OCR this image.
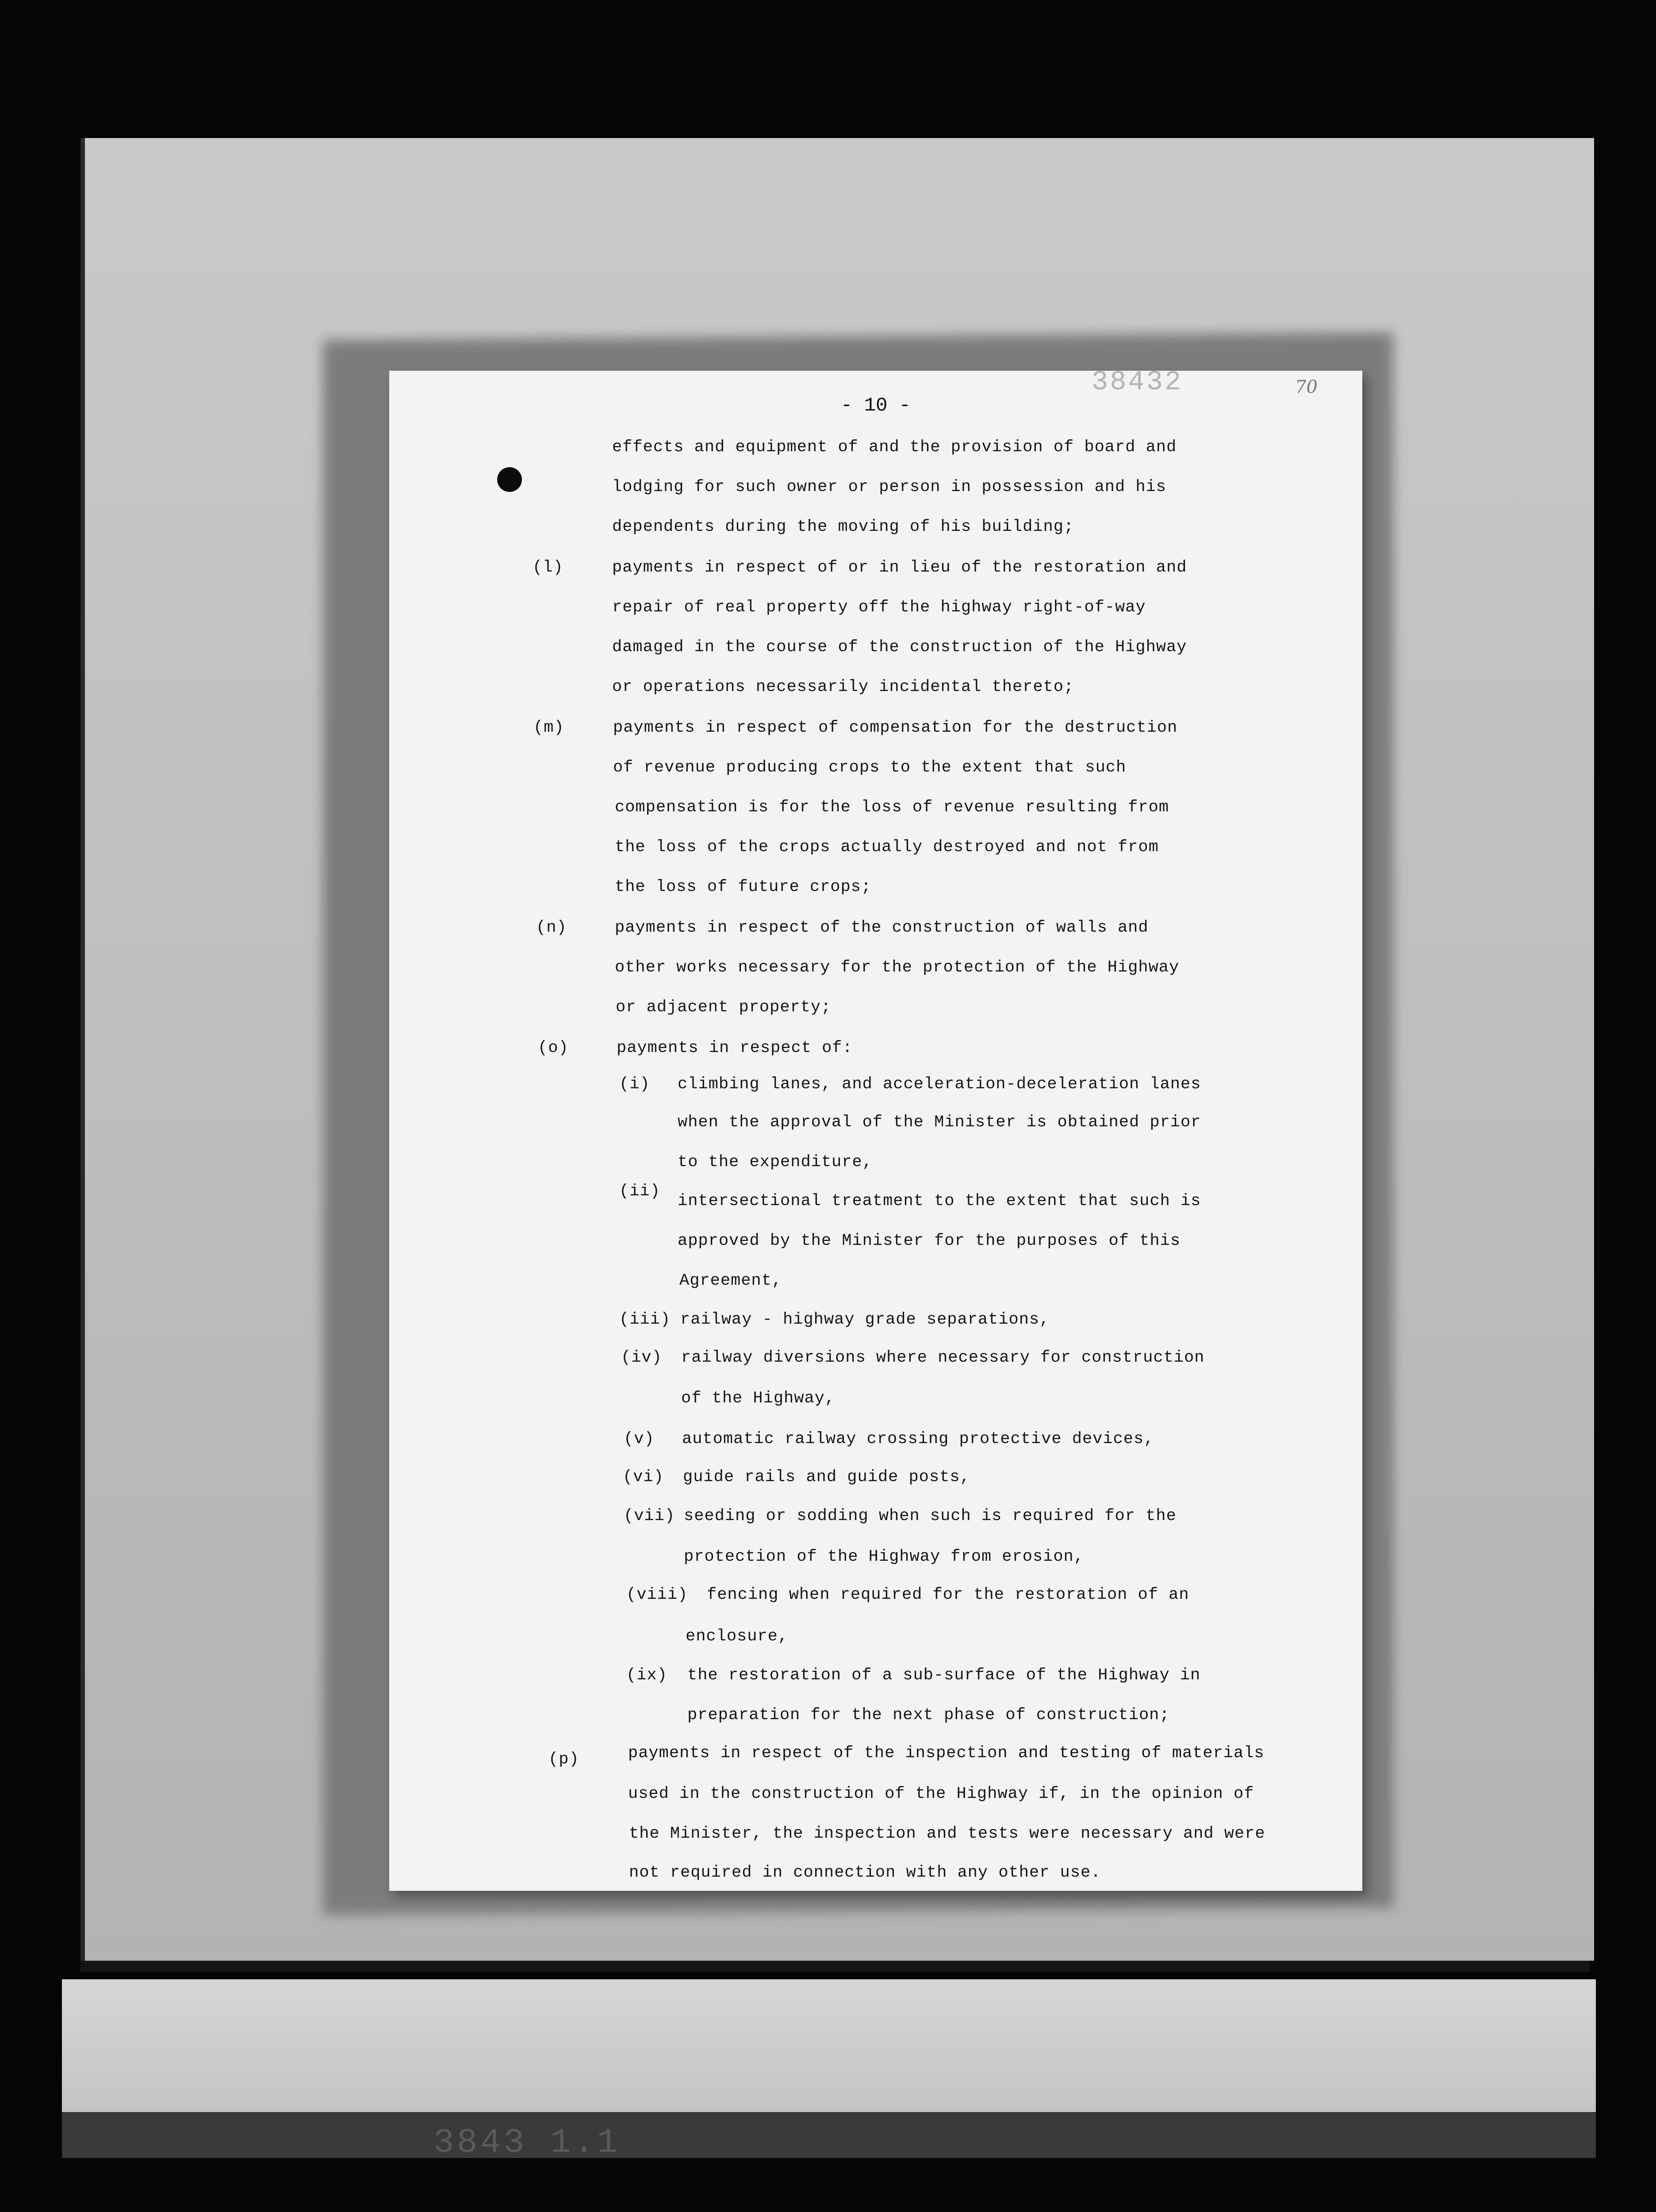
3843 1.1
- 10 -
38432	70
effects and equipment of and the provision of board and
lodging for such owner or person in possession and his
dependents during the moving of his building;
(l)	payments in respect of or in lieu of the restoration and
repair of real property off the highway right-of-way
damaged in the course of the construction of the Highway
or operations necessarily incidental thereto;
(m)	payments in respect of compensation for the destruction
of revenue producing crops to the extent that such
compensation is for the loss of revenue resulting from
the loss of the crops actually destroyed and not from
the loss of future crops;
(n)	payments in respect of the construction of walls and
other works necessary for the protection of the Highway
or adjacent property;
(o)	payments in respect of:
(i) climbing lanes, and acceleration-deceleration lanes
when the approval of the Minister is obtained prior
to the expenditure,
(ii)
intersectional treatment to the extent that such is
approved by the Minister for the purposes of this
Agreement,
(iii) railway - highway grade separations,
(iv) railway diversions where necessary for construction
of the Highway,
(v) automatic railway crossing protective devices,
(vi) guide rails and guide posts,
(vii) seeding or sodding when such is required for the
protection of the Highway from erosion,
(viii) fencing when required for the restoration of an
enclosure,
(ix) the restoration of a sub-surface of the Highway in
preparation for the next phase of construction;
(p)	payments in respect of the inspection and testing of materials
used in the construction of the Highway if, in the opinion of
the Minister, the inspection and tests were necessary and were
not required in connection with any other use.
